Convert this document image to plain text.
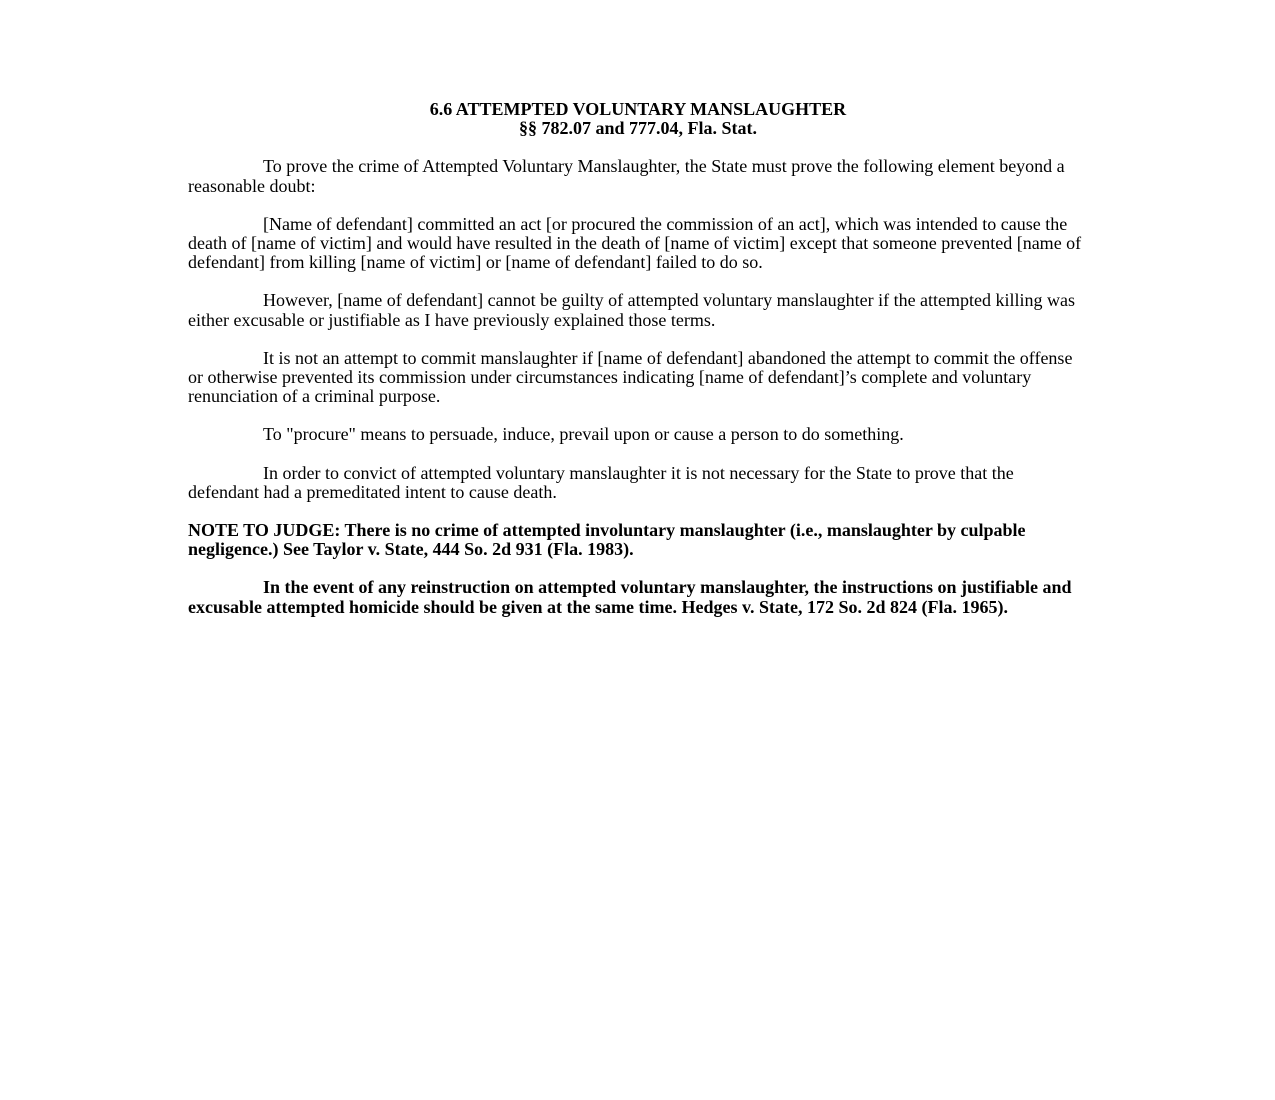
6.6 ATTEMPTED VOLUNTARY MANSLAUGHTER
§§ 782.07 and 777.04, Fla. Stat.

To prove the crime of Attempted Voluntary Manslaughter, the State must prove the following element beyond a reasonable doubt:

[Name of defendant] committed an act [or procured the commission of an act], which was intended to cause the death of [name of victim] and would have resulted in the death of [name of victim] except that someone prevented [name of defendant] from killing [name of victim] or [name of defendant] failed to do so.

However, [name of defendant] cannot be guilty of attempted voluntary manslaughter if the attempted killing was either excusable or justifiable as I have previously explained those terms.

It is not an attempt to commit manslaughter if [name of defendant] abandoned the attempt to commit the offense or otherwise prevented its commission under circumstances indicating [name of defendant]’s complete and voluntary renunciation of a criminal purpose.

To "procure" means to persuade, induce, prevail upon or cause a person to do something.

In order to convict of attempted voluntary manslaughter it is not necessary for the State to prove that the defendant had a premeditated intent to cause death.

NOTE TO JUDGE: There is no crime of attempted involuntary manslaughter (i.e., manslaughter by culpable negligence.) See Taylor v. State, 444 So. 2d 931 (Fla. 1983).

In the event of any reinstruction on attempted voluntary manslaughter, the instructions on justifiable and excusable attempted homicide should be given at the same time. Hedges v. State, 172 So. 2d 824 (Fla. 1965).
